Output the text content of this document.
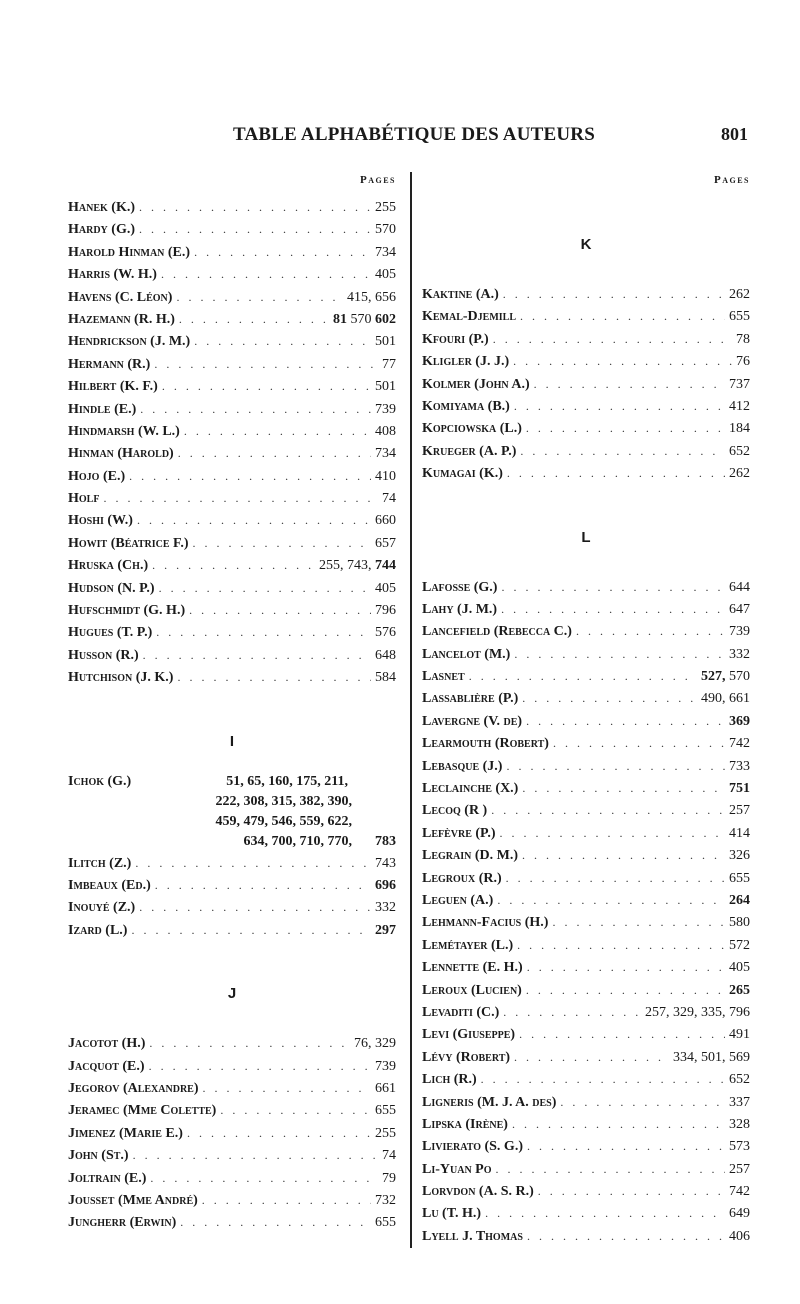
TABLE ALPHABÉTIQUE DES AUTEURS	801
Pages
Hanek (K.) . . .	255
Hardy (G.) . . .	570
Harold Hinman (E.) . . .	734
Harris (W. H.) . . .	405
Havens (C. Léon) . . .	415, 656
Hazemann (R. H.) . . .	81 570 602
Hendrickson (J. M.) . . .	501
Hermann (R.) . . .	77
Hilbert (K. F.) . . .	501
Hindle (E.) . . .	739
Hindmarsh (W. L.) . . .	408
Hinman (Harold) . . .	734
Hojo (E.) . . .	410
Holf . . .	74
Hoshi (W.) . . .	660
Howit (Béatrice F.) . . .	657
Hruska (Ch.) . . .	255, 743, 744
Hudson (N. P.) . . .	405
Hufschmidt (G. H.) . . .	796
Hugues (T. P.) . . .	576
Husson (R.) . . .	648
Hutchison (J. K.) . . .	584
I
Ichok (G.)	51, 65, 160, 175, 211,
222, 308, 315, 382, 390,
459, 479, 546, 559, 622,
634, 700, 710, 770,	783
Ilitch (Z.) . . .	743
Imbeaux (Ed.) . . .	696
Inouyé (Z.) . . .	332
Izard (L.) . . .	297
J
Jacotot (H.) . . .	76, 329
Jacquot (E.) . . .	739
Jegorov (Alexandre) . . .	661
Jeramec (Mme Colette) . . .	655
Jimenez (Marie E.) . . .	255
John (St.) . . .	74
Joltrain (E.) . . .	79
Jousset (Mme André) . . .	732
Jungherr (Erwin) . . .	655
Pages
K
Kaktine (A.) . . .	262
Kemal-Djemill . . .	655
Kfouri (P.) . . .	78
Kligler (J. J.) . . .	76
Kolmer (John A.) . . .	737
Komiyama (B.) . . .	412
Kopciowska (L.) . . .	184
Krueger (A. P.) . . .	652
Kumagai (K.) . . .	262
L
Lafosse (G.) . . .	644
Lahy (J. M.) . . .	647
Lancefield (Rebecca C.) . . .	739
Lancelot (M.) . . .	332
Lasnet . . .	527, 570
Lassablière (P.) . . .	490, 661
Lavergne (V. de) . . .	369
Learmouth (Robert) . . .	742
Lebasque (J.) . . .	733
Leclainche (X.) . . .	751
Lecoq (R ) . . .	257
Lefèvre (P.) . . .	414
Legrain (D. M.) . . .	326
Legroux (R.) . . .	655
Leguen (A.) . . .	264
Lehmann-Facius (H.) . . .	580
Lemétayer (L.) . . .	572
Lennette (E. H.) . . .	405
Leroux (Lucien) . . .	265
Levaditi (C.) . . .	257, 329, 335, 796
Levi (Giuseppe) . . .	491
Lévy (Robert) . . .	334, 501, 569
Lich (R.) . . .	652
Ligneris (M. J. A. des) . . .	337
Lipska (Irène) . . .	328
Livierato (S. G.) . . .	573
Li-Yuan Po . . .	257
Lorvdon (A. S. R.) . . .	742
Lu (T. H.) . . .	649
Lyell J. Thomas . . .	406
